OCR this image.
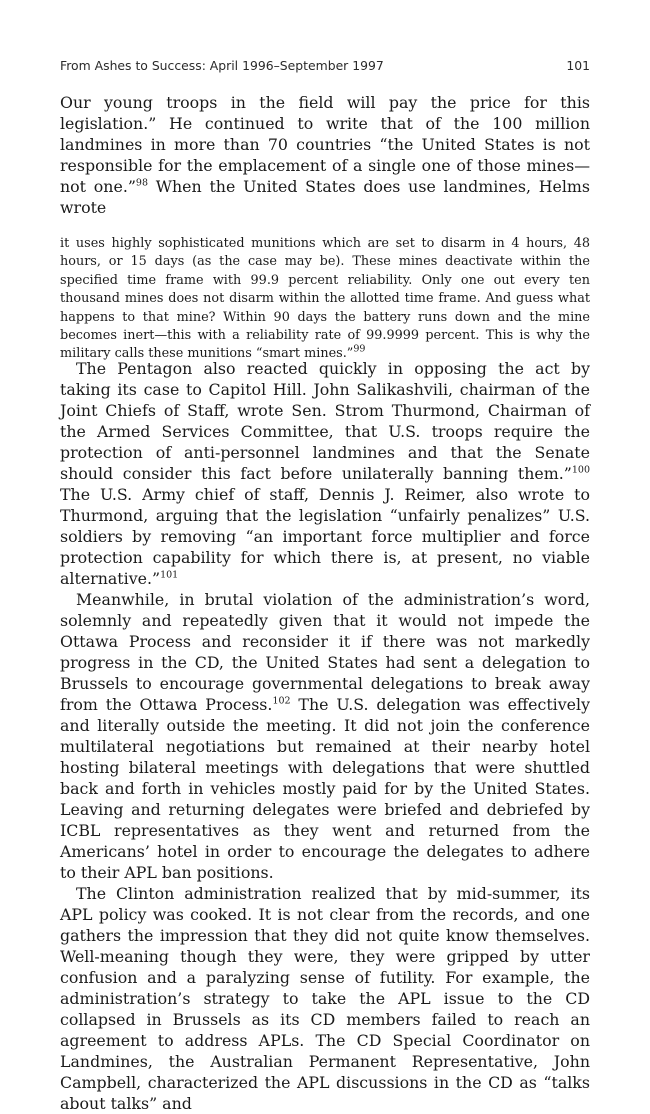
From Ashes to Success: April 1996–September 1997	101

Our young troops in the field will pay the price for this legislation.” He continued to write that of the 100 million landmines in more than 70 countries “the United States is not responsible for the emplacement of a single one of those mines—not one.”$^{98}$ When the United States does use landmines, Helms wrote

it uses highly sophisticated munitions which are set to disarm in 4 hours, 48 hours, or 15 days (as the case may be). These mines deactivate within the specified time frame with 99.9 percent reliability. Only one out every ten thousand mines does not disarm within the allotted time frame. And guess what happens to that mine? Within 90 days the battery runs down and the mine becomes inert—this with a reliability rate of 99.9999 percent. This is why the military calls these munitions “smart mines.”$^{99}$

The Pentagon also reacted quickly in opposing the act by taking its case to Capitol Hill. John Salikashvili, chairman of the Joint Chiefs of Staff, wrote Sen. Strom Thurmond, Chairman of the Armed Services Committee, that U.S. troops require the protection of anti-personnel landmines and that the Senate should consider this fact before unilaterally banning them.”$^{100}$ The U.S. Army chief of staff, Dennis J. Reimer, also wrote to Thurmond, arguing that the legislation “unfairly penalizes” U.S. soldiers by removing “an important force multiplier and force protection capability for which there is, at present, no viable alternative.”$^{101}$

Meanwhile, in brutal violation of the administration’s word, solemnly and repeatedly given that it would not impede the Ottawa Process and reconsider it if there was not markedly progress in the CD, the United States had sent a delegation to Brussels to encourage governmental delegations to break away from the Ottawa Process.$^{102}$ The U.S. delegation was effectively and literally outside the meeting. It did not join the conference multilateral negotiations but remained at their nearby hotel hosting bilateral meetings with delegations that were shuttled back and forth in vehicles mostly paid for by the United States. Leaving and returning delegates were briefed and debriefed by ICBL representatives as they went and returned from the Americans’ hotel in order to encourage the delegates to adhere to their APL ban positions.

The Clinton administration realized that by mid-summer, its APL policy was cooked. It is not clear from the records, and one gathers the impression that they did not quite know themselves. Well-meaning though they were, they were gripped by utter confusion and a paralyzing sense of futility. For example, the administration’s strategy to take the APL issue to the CD collapsed in Brussels as its CD members failed to reach an agreement to address APLs. The CD Special Coordinator on Landmines, the Australian Permanent Representative, John Campbell, characterized the APL discussions in the CD as “talks about talks” and
